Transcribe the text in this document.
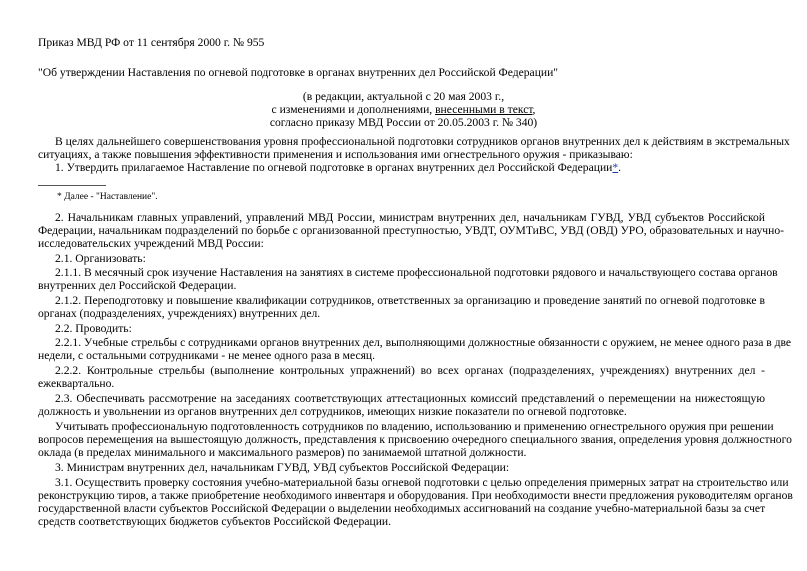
Приказ МВД РФ от 11 сентября 2000 г. № 955
"Об утверждении Наставления по огневой подготовке в органах внутренних дел Российской Федерации"
(в редакции, актуальной с 20 мая 2003 г.,
с изменениями и дополнениями, внесенными в текст,
согласно приказу МВД России от 20.05.2003 г. № 340)
В целях дальнейшего совершенствования уровня профессиональной подготовки сотрудников органов внутренних дел к действиям в экстремальных
ситуациях, а также повышения эффективности применения и использования ими огнестрельного оружия - приказываю:
1. Утвердить прилагаемое Наставление по огневой подготовке в органах внутренних дел Российской Федерации*.
* Далее - "Наставление".
2. Начальникам главных управлений, управлений МВД России, министрам внутренних дел, начальникам ГУВД, УВД субъектов Российской
Федерации, начальникам подразделений по борьбе с организованной преступностью, УВДТ, ОУМТиВС, УВД (ОВД) УРО, образовательных и научно-
исследовательских учреждений МВД России:
2.1. Организовать:
2.1.1. В месячный срок изучение Наставления на занятиях в системе профессиональной подготовки рядового и начальствующего состава органов
внутренних дел Российской Федерации.
2.1.2. Переподготовку и повышение квалификации сотрудников, ответственных за организацию и проведение занятий по огневой подготовке в
органах (подразделениях, учреждениях) внутренних дел.
2.2. Проводить:
2.2.1. Учебные стрельбы с сотрудниками органов внутренних дел, выполняющими должностные обязанности с оружием, не менее одного раза в две
недели, с остальными сотрудниками - не менее одного раза в месяц.
2.2.2. Контрольные стрельбы (выполнение контрольных упражнений) во всех органах (подразделениях, учреждениях) внутренних дел -
ежеквартально.
2.3. Обеспечивать рассмотрение на заседаниях соответствующих аттестационных комиссий представлений о перемещении на нижестоящую
должность и увольнении из органов внутренних дел сотрудников, имеющих низкие показатели по огневой подготовке.
Учитывать профессиональную подготовленность сотрудников по владению, использованию и применению огнестрельного оружия при решении
вопросов перемещения на вышестоящую должность, представления к присвоению очередного специального звания, определения уровня должностного
оклада (в пределах минимального и максимального размеров) по занимаемой штатной должности.
3. Министрам внутренних дел, начальникам ГУВД, УВД субъектов Российской Федерации:
3.1. Осуществить проверку состояния учебно-материальной базы огневой подготовки с целью определения примерных затрат на строительство или
реконструкцию тиров, а также приобретение необходимого инвентаря и оборудования. При необходимости внести предложения руководителям органов
государственной власти субъектов Российской Федерации о выделении необходимых ассигнований на создание учебно-материальной базы за счет
средств соответствующих бюджетов субъектов Российской Федерации.
